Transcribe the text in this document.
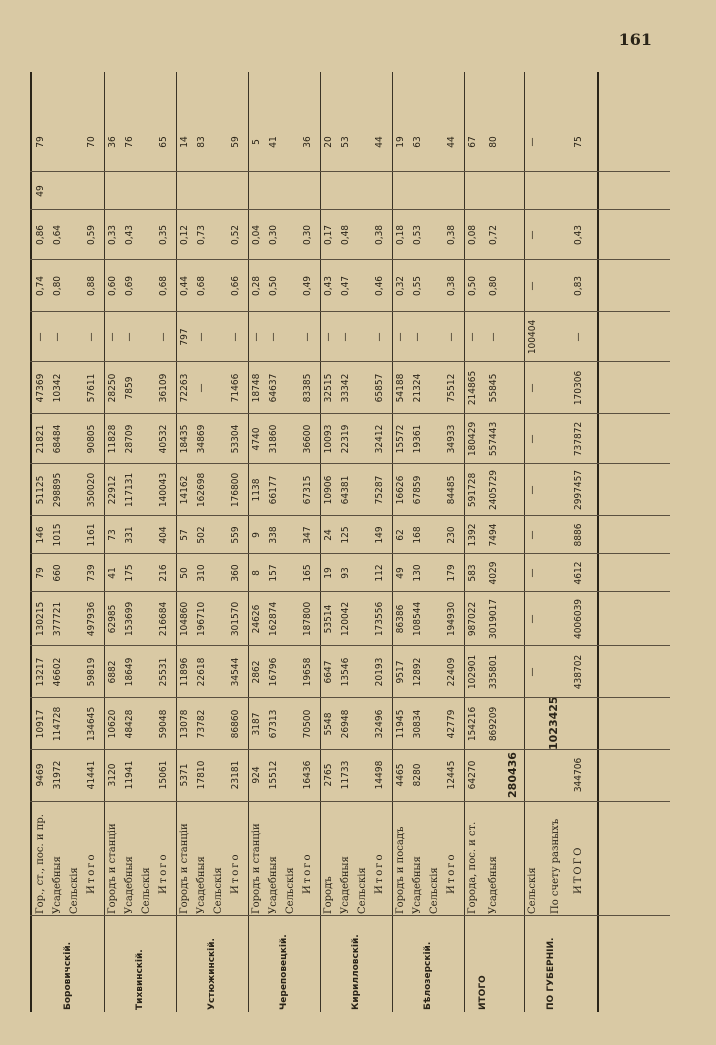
161
Боровичскій.
Гор., ст., пос. и пр.
9469
10917
13217
130215
79
146
51125
21821
47369
—
0,74
0,86
49
79
Усадебныя
31972
114728
46602
377721
660
1015
298895
68484
10342
—
0,80
0,64
Сельскія Итого
41441
134645
59819
497936
739
1161
350020
90805
57611
—
0,88
0,59
70
Тихвинскій.
Городъ и станціи
3120
10620
6882
62985
41
73
22912
11828
28250
—
0,60
0,33
36
Усадебныя
11941
48428
18649
153699
175
331
117131
28709
7859
—
0,69
0,43
76
Сельскія Итого
15061
59048
25531
216684
216
404
140043
40532
36109
—
0,68
0,35
65
Устюжинскій.
Городъ и станціи
5371
13078
11896
104860
50
57
14162
18435
72263
797
0,44
0,12
14
Усадебныя
17810
73782
22618
196710
310
502
162698
34869
—
—
0,68
0,73
83
Сельскія Итого
23181
86860
34544
301570
360
559
176800
53304
71466
—
0,66
0,52
59
Череповецкій.
Городъ и станціи
924
3187
2862
24626
8
9
1138
4740
18748
—
0,28
0,04
5
Усадебныя
15512
67313
16796
162874
157
338
66177
31860
64637
—
0,50
0,30
41
Сельскія Итого
16436
70500
19658
187800
165
347
67315
36600
83385
—
0,49
0,30
36
Кирилловскій.
Городъ
2765
5548
6647
53514
19
24
10906
10093
32515
—
0,43
0,17
20
Усадебныя
11733
26948
13546
120042
93
125
64381
22319
33342
—
0,47
0,48
53
Сельскія Итого
14498
32496
20193
173556
112
149
75287
32412
65857
—
0,46
0,38
44
Бѣлозерскій.
Городъ и посадъ
4465
11945
9517
86386
49
62
16626
15572
54188
—
0,32
0,18
19
Усадебныя
8280
30834
12892
108544
130
168
67859
19361
21324
—
0,55
0,53
63
Сельскія Итого
12445
42779
22409
194930
179
230
84485
34933
75512
—
0,38
0,38
44
ИТОГО
Города, пос. и ст.
64270
154216
102901
987022
583
1392
591728
180429
214865
—
0,50
0,08
67
Усадебныя
869209
335801
3019017
4029
7494
2405729
557443
55845
—
0,80
0,72
80
280436
ПО ГУБЕРНІИ.
Сельскія
—
—
—
—
—
—
—
100404
—
—
—
По счету разныхъ ИТОГО
344706
438702
4006039
4612
8886
2997457
737872
170306
—
0,83
0,43
75
1023425
